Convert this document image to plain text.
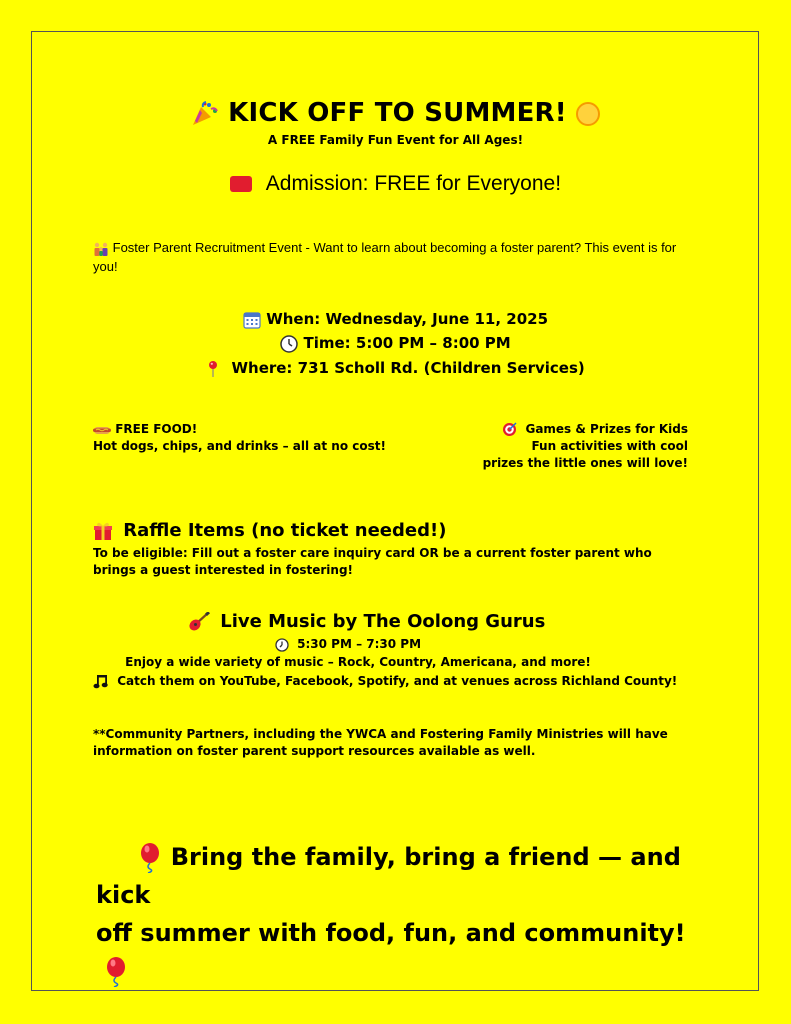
KICK OFF TO SUMMER!
A FREE Family Fun Event for All Ages!
Admission: FREE for Everyone!
Foster Parent Recruitment Event - Want to learn about becoming a foster parent? This event is for you!
When: Wednesday, June 11, 2025
Time: 5:00 PM – 8:00 PM
Where: 731 Scholl Rd. (Children Services)
FREE FOOD!
Hot dogs, chips, and drinks – all at no cost!
Games & Prizes for Kids
Fun activities with cool
prizes the little ones will love!
Raffle Items (no ticket needed!)
To be eligible: Fill out a foster care inquiry card OR be a current foster parent who brings a guest interested in fostering!
Live Music by The Oolong Gurus
5:30 PM – 7:30 PM
Enjoy a wide variety of music – Rock, Country, Americana, and more!
Catch them on YouTube, Facebook, Spotify, and at venues across Richland County!
**Community Partners, including the YWCA and Fostering Family Ministries will have information on foster parent support resources available as well.
Bring the family, bring a friend — and kick
off summer with food, fun, and community!
